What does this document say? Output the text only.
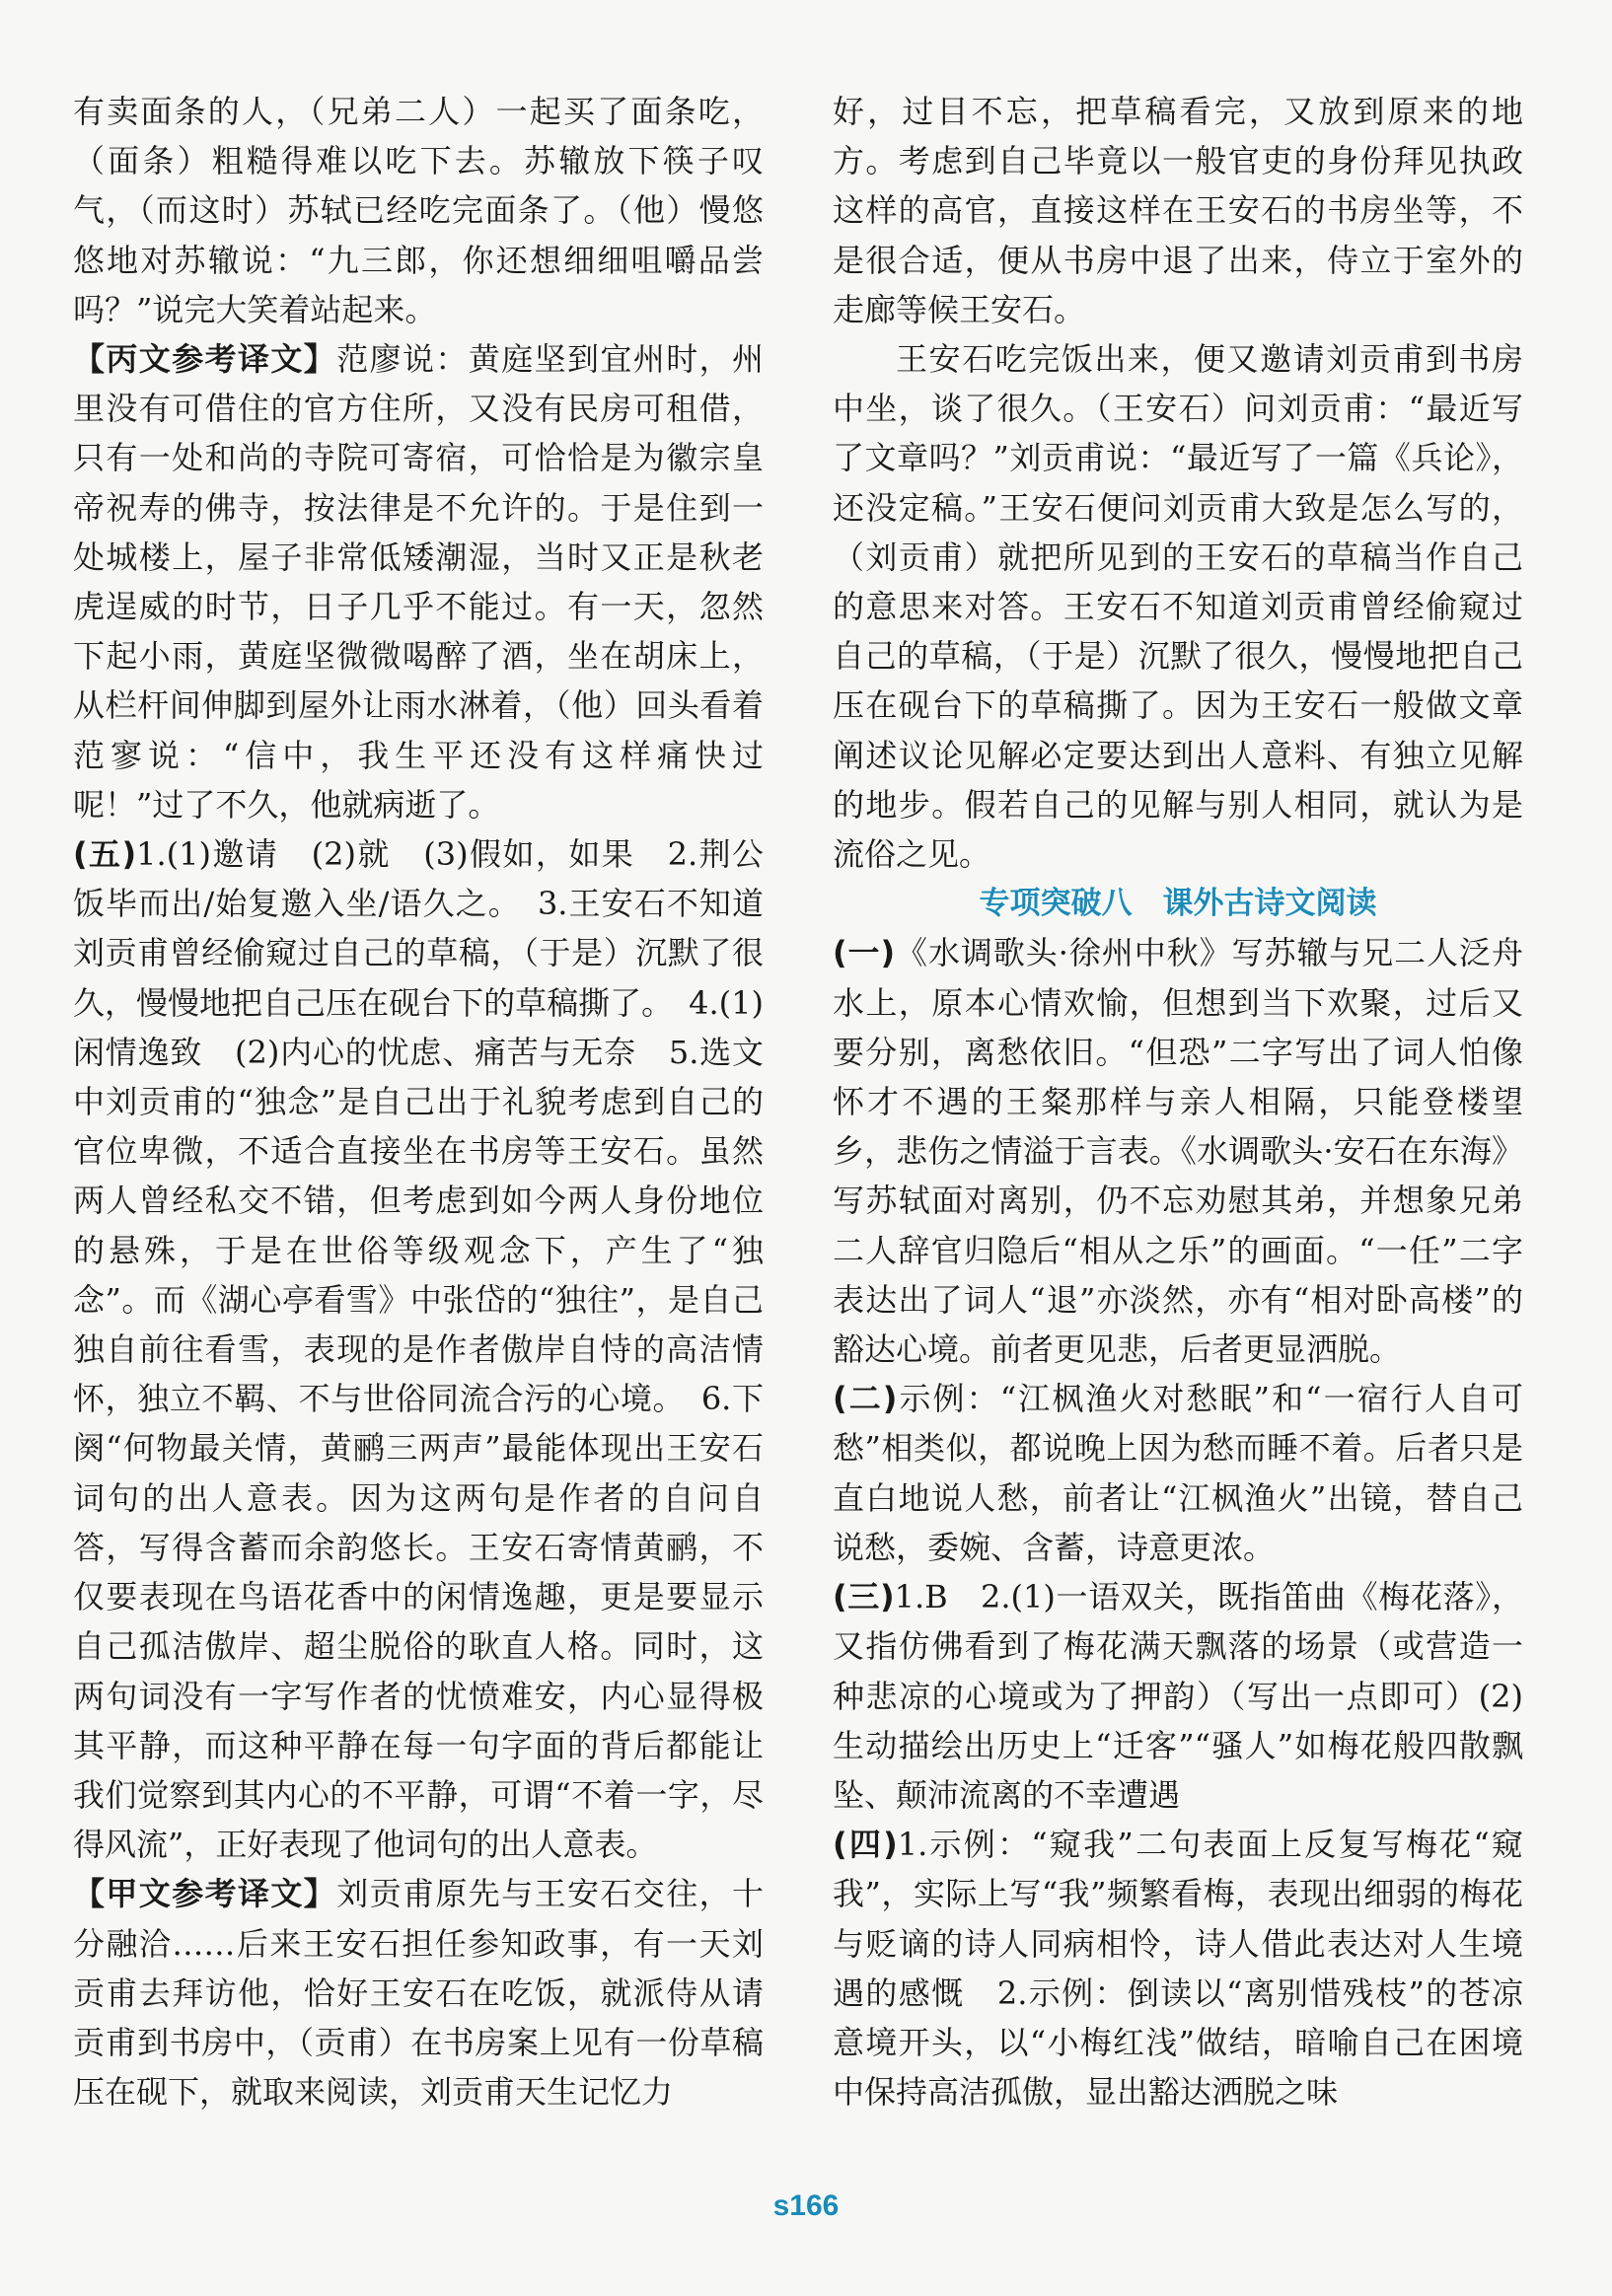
有卖面条的人，（兄弟二人）一起买了面条吃，（面条）粗糙得难以吃下去。苏辙放下筷子叹气，（而这时）苏轼已经吃完面条了。（他）慢悠悠地对苏辙说：“九三郎，你还想细细咀嚼品尝吗？”说完大笑着站起来。

【丙文参考译文】范廖说：黄庭坚到宜州时，州里没有可借住的官方住所，又没有民房可租借，只有一处和尚的寺院可寄宿，可恰恰是为徽宗皇帝祝寿的佛寺，按法律是不允许的。于是住到一处城楼上，屋子非常低矮潮湿，当时又正是秋老虎逞威的时节，日子几乎不能过。有一天，忽然下起小雨，黄庭坚微微喝醉了酒，坐在胡床上，从栏杆间伸脚到屋外让雨水淋着，（他）回头看着范寥说：“信中，我生平还没有这样痛快过呢！”过了不久，他就病逝了。

(五)1.(1)邀请　(2)就　(3)假如，如果　2.荆公饭毕而出/始复邀入坐/语久之。　3.王安石不知道刘贡甫曾经偷窥过自己的草稿，（于是）沉默了很久，慢慢地把自己压在砚台下的草稿撕了。　4.(1)闲情逸致　(2)内心的忧虑、痛苦与无奈　5.选文中刘贡甫的“独念”是自己出于礼貌考虑到自己的官位卑微，不适合直接坐在书房等王安石。虽然两人曾经私交不错，但考虑到如今两人身份地位的悬殊，于是在世俗等级观念下，产生了“独念”。而《湖心亭看雪》中张岱的“独往”，是自己独自前往看雪，表现的是作者傲岸自恃的高洁情怀，独立不羁、不与世俗同流合污的心境。　6.下阕“何物最关情，黄鹂三两声”最能体现出王安石词句的出人意表。因为这两句是作者的自问自答，写得含蓄而余韵悠长。王安石寄情黄鹂，不仅要表现在鸟语花香中的闲情逸趣，更是要显示自己孤洁傲岸、超尘脱俗的耿直人格。同时，这两句词没有一字写作者的忧愤难安，内心显得极其平静，而这种平静在每一句字面的背后都能让我们觉察到其内心的不平静，可谓“不着一字，尽得风流”，正好表现了他词句的出人意表。

【甲文参考译文】刘贡甫原先与王安石交往，十分融洽……后来王安石担任参知政事，有一天刘贡甫去拜访他，恰好王安石在吃饭，就派侍从请贡甫到书房中，（贡甫）在书房案上见有一份草稿压在砚下，就取来阅读，刘贡甫天生记忆力

好，过目不忘，把草稿看完，又放到原来的地方。考虑到自己毕竟以一般官吏的身份拜见执政这样的高官，直接这样在王安石的书房坐等，不是很合适，便从书房中退了出来，侍立于室外的走廊等候王安石。

王安石吃完饭出来，便又邀请刘贡甫到书房中坐，谈了很久。（王安石）问刘贡甫：“最近写了文章吗？”刘贡甫说：“最近写了一篇《兵论》，还没定稿。”王安石便问刘贡甫大致是怎么写的，（刘贡甫）就把所见到的王安石的草稿当作自己的意思来对答。王安石不知道刘贡甫曾经偷窥过自己的草稿，（于是）沉默了很久，慢慢地把自己压在砚台下的草稿撕了。因为王安石一般做文章阐述议论见解必定要达到出人意料、有独立见解的地步。假若自己的见解与别人相同，就认为是流俗之见。

专项突破八　课外古诗文阅读

(一)《水调歌头·徐州中秋》写苏辙与兄二人泛舟水上，原本心情欢愉，但想到当下欢聚，过后又要分别，离愁依旧。“但恐”二字写出了词人怕像怀才不遇的王粲那样与亲人相隔，只能登楼望乡，悲伤之情溢于言表。《水调歌头·安石在东海》写苏轼面对离别，仍不忘劝慰其弟，并想象兄弟二人辞官归隐后“相从之乐”的画面。“一任”二字表达出了词人“退”亦淡然，亦有“相对卧高楼”的豁达心境。前者更见悲，后者更显洒脱。

(二)示例：“江枫渔火对愁眠”和“一宿行人自可愁”相类似，都说晚上因为愁而睡不着。后者只是直白地说人愁，前者让“江枫渔火”出镜，替自己说愁，委婉、含蓄，诗意更浓。

(三)1.B　2.(1)一语双关，既指笛曲《梅花落》，又指仿佛看到了梅花满天飘落的场景（或营造一种悲凉的心境或为了押韵）（写出一点即可）(2)生动描绘出历史上“迁客”“骚人”如梅花般四散飘坠、颠沛流离的不幸遭遇

(四)1.示例：“窥我”二句表面上反复写梅花“窥我”，实际上写“我”频繁看梅，表现出细弱的梅花与贬谪的诗人同病相怜，诗人借此表达对人生境遇的感慨　2.示例：倒读以“离别惜残枝”的苍凉意境开头，以“小梅红浅”做结，暗喻自己在困境中保持高洁孤傲，显出豁达洒脱之味

s166
